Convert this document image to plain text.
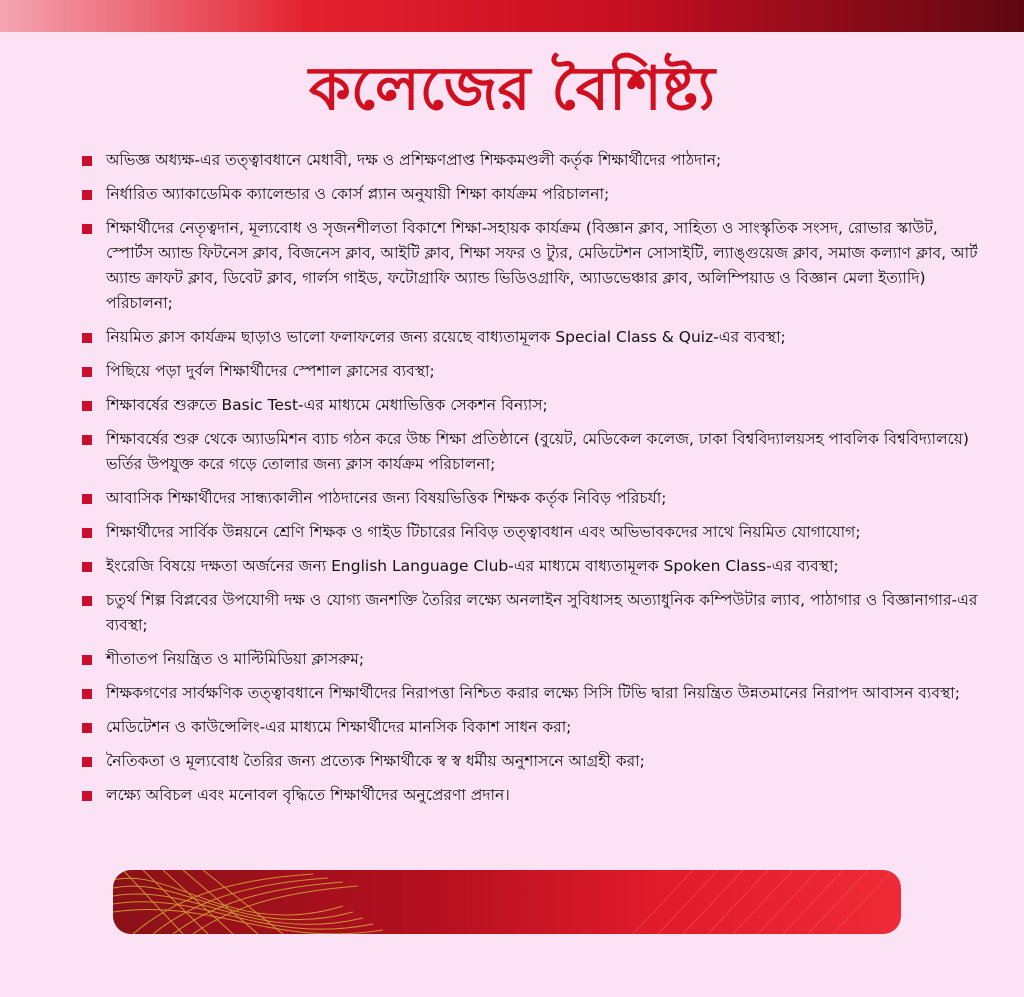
কলেজের বৈশিষ্ট্য
অভিজ্ঞ অধ্যক্ষ-এর তত্ত্বাবধানে মেধাবী, দক্ষ ও প্রশিক্ষণপ্রাপ্ত শিক্ষকমণ্ডলী কর্তৃক শিক্ষার্থীদের পাঠদান;
নির্ধারিত অ্যাকাডেমিক ক্যালেন্ডার ও কোর্স প্ল্যান অনুযায়ী শিক্ষা কার্যক্রম পরিচালনা;
শিক্ষার্থীদের নেতৃত্বদান, মূল্যবোধ ও সৃজনশীলতা বিকাশে শিক্ষা-সহায়ক কার্যক্রম (বিজ্ঞান ক্লাব, সাহিত্য ও সাংস্কৃতিক সংসদ, রোভার স্কাউট, স্পোর্টস অ্যান্ড ফিটনেস ক্লাব, বিজনেস ক্লাব, আইটি ক্লাব, শিক্ষা সফর ও ট্যুর, মেডিটেশন সোসাইটি, ল্যাঙ্গুয়েজ ক্লাব, সমাজ কল্যাণ ক্লাব, আর্ট অ্যান্ড ক্রাফট ক্লাব, ডিবেট ক্লাব, গার্লস গাইড, ফটোগ্রাফি অ্যান্ড ভিডিওগ্রাফি, অ্যাডভেঞ্চার ক্লাব, অলিম্পিয়াড ও বিজ্ঞান মেলা ইত্যাদি) পরিচালনা;
নিয়মিত ক্লাস কার্যক্রম ছাড়াও ভালো ফলাফলের জন্য রয়েছে বাধ্যতামূলক Special Class & Quiz-এর ব্যবস্থা;
পিছিয়ে পড়া দুর্বল শিক্ষার্থীদের স্পেশাল ক্লাসের ব্যবস্থা;
শিক্ষাবর্ষের শুরুতে Basic Test-এর মাধ্যমে মেধাভিত্তিক সেকশন বিন্যাস;
শিক্ষাবর্ষের শুরু থেকে অ্যাডমিশন ব্যাচ গঠন করে উচ্চ শিক্ষা প্রতিষ্ঠানে (বুয়েট, মেডিকেল কলেজ, ঢাকা বিশ্ববিদ্যালয়সহ পাবলিক বিশ্ববিদ্যালয়ে) ভর্তির উপযুক্ত করে গড়ে তোলার জন্য ক্লাস কার্যক্রম পরিচালনা;
আবাসিক শিক্ষার্থীদের সান্ধ্যকালীন পাঠদানের জন্য বিষয়ভিত্তিক শিক্ষক কর্তৃক নিবিড় পরিচর্যা;
শিক্ষার্থীদের সার্বিক উন্নয়নে শ্রেণি শিক্ষক ও গাইড টিচারের নিবিড় তত্ত্বাবধান এবং অভিভাবকদের সাথে নিয়মিত যোগাযোগ;
ইংরেজি বিষয়ে দক্ষতা অর্জনের জন্য English Language Club-এর মাধ্যমে বাধ্যতামূলক Spoken Class-এর ব্যবস্থা;
চতুর্থ শিল্প বিপ্লবের উপযোগী দক্ষ ও যোগ্য জনশক্তি তৈরির লক্ষ্যে অনলাইন সুবিধাসহ অত্যাধুনিক কম্পিউটার ল্যাব, পাঠাগার ও বিজ্ঞানাগার-এর ব্যবস্থা;
শীতাতপ নিয়ন্ত্রিত ও মাল্টিমিডিয়া ক্লাসরুম;
শিক্ষকগণের সার্বক্ষণিক তত্ত্বাবধানে শিক্ষার্থীদের নিরাপত্তা নিশ্চিত করার লক্ষ্যে সিসি টিভি দ্বারা নিয়ন্ত্রিত উন্নতমানের নিরাপদ আবাসন ব্যবস্থা;
মেডিটেশন ও কাউন্সেলিং-এর মাধ্যমে শিক্ষার্থীদের মানসিক বিকাশ সাধন করা;
নৈতিকতা ও মূল্যবোধ তৈরির জন্য প্রত্যেক শিক্ষার্থীকে স্ব স্ব ধর্মীয় অনুশাসনে আগ্রহী করা;
লক্ষ্যে অবিচল এবং মনোবল বৃদ্ধিতে শিক্ষার্থীদের অনুপ্রেরণা প্রদান।
